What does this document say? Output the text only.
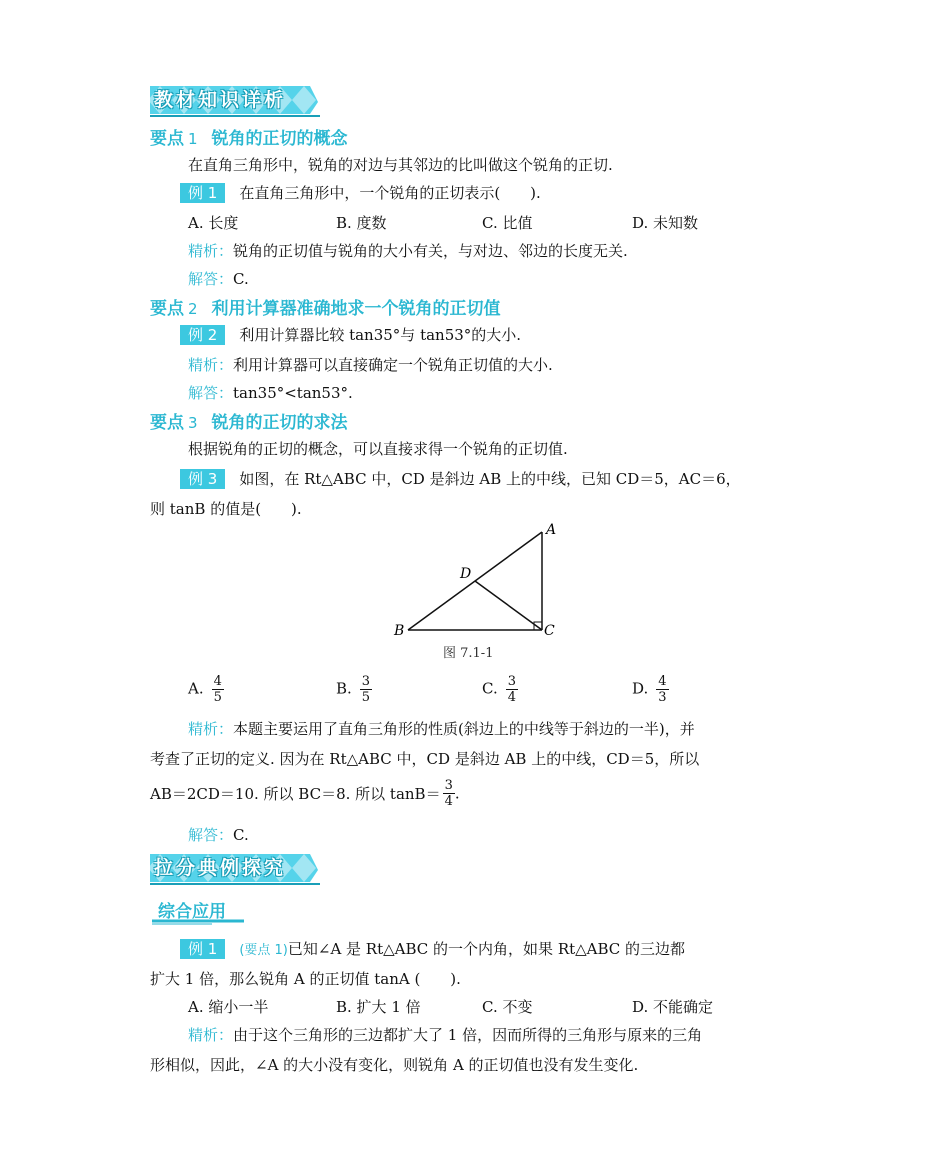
教材知识详析
要点 1 锐角的正切的概念
在直角三角形中，锐角的对边与其邻边的比叫做这个锐角的正切.
例 1 在直角三角形中，一个锐角的正切表示(　　).
A. 长度	B. 度数	C. 比值	D. 未知数
精析：锐角的正切值与锐角的大小有关，与对边、邻边的长度无关.
解答：C.
要点 2 利用计算器准确地求一个锐角的正切值
例 2 利用计算器比较 tan35°与 tan53°的大小.
精析：利用计算器可以直接确定一个锐角正切值的大小.
解答：tan35°<tan53°.
要点 3 锐角的正切的求法
根据锐角的正切的概念，可以直接求得一个锐角的正切值.
例 3 如图，在 Rt△ABC 中，CD 是斜边 AB 上的中线，已知 CD＝5，AC＝6，
则 tanB 的值是(　　).
A
B	C
D
图 7.1-1
A. $\frac{4}{5}$	B. $\frac{3}{5}$	C. $\frac{3}{4}$	D. $\frac{4}{3}$
精析：本题主要运用了直角三角形的性质(斜边上的中线等于斜边的一半)，并
考查了正切的定义. 因为在 Rt△ABC 中，CD 是斜边 AB 上的中线，CD＝5，所以
AB＝2CD＝10. 所以 BC＝8. 所以 $\tan B= \frac{3}{4}$ .
解答：C.
拉分典例探究
综合应用
例 1 (要点 1)已知∠A 是 Rt△ABC 的一个内角，如果 Rt△ABC 的三边都
扩大 1 倍，那么锐角 A 的正切值 tanA (　　).
A. 缩小一半	B. 扩大 1 倍	C. 不变	D. 不能确定
精析：由于这个三角形的三边都扩大了 1 倍，因而所得的三角形与原来的三角
形相似，因此，∠A 的大小没有变化，则锐角 A 的正切值也没有发生变化.
